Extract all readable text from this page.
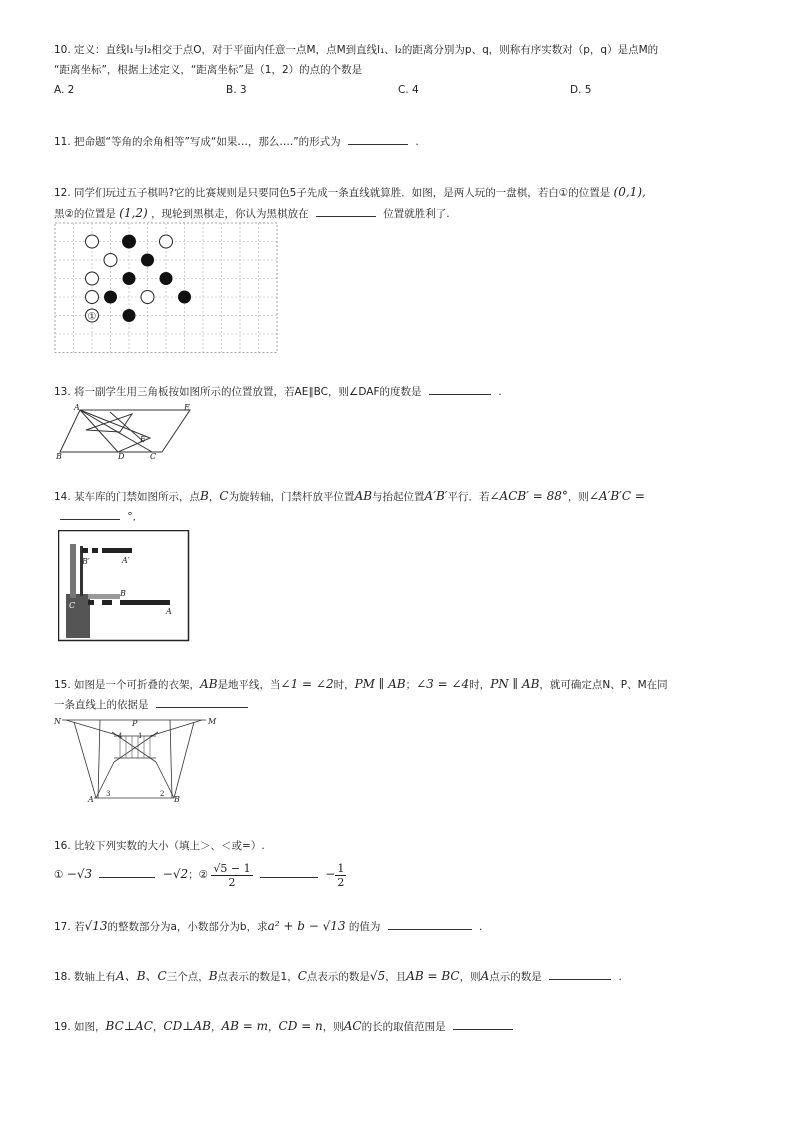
10. 定义：直线l₁与l₂相交于点O，对于平面内任意一点M，点M到直线l₁、l₂的距离分别为p、q，则称有序实数对（p，q）是点M的
“距离坐标”，根据上述定义，“距离坐标”是（1，2）的点的个数是
A. 2	B. 3	C. 4	D. 5
11. 把命题“等角的余角相等”写成“如果…，那么….”的形式为	.
12. 同学们玩过五子棋吗?它的比赛规则是只要同色5子先成一条直线就算胜．如图，是两人玩的一盘棋，若白①的位置是 (0,1),
黑②的位置是 (1,2) ，现轮到黑棋走，你认为黑棋放在	位置就胜利了.
①
13. 将一副学生用三角板按如图所示的位置放置，若AE∥BC，则∠DAF的度数是	.
A	E
B	D	C
F
14. 某车库的门禁如图所示，点B，C为旋转轴，门禁杆放平位置AB与抬起位置A′B′平行．若∠ACB′ = 88°，则∠A′B′C =
°．
B′	A′
B
A
C
15. 如图是一个可折叠的衣架，AB是地平线，当∠1 = ∠2时，PM ∥ AB；∠3 = ∠4时，PN ∥ AB，就可确定点N、P、M在同
一条直线上的依据是
N	P	M
A	B
1
2
3
4
16. 比较下列实数的大小（填上＞、＜或=）.
① −√3	−√2；② $\frac{√5 - 1}{2}$	− $\frac{1}{2}$
17. 若√13的整数部分为a，小数部分为b，求a² + b − √13 的值为	.
18. 数轴上有A、B、C三个点，B点表示的数是1，C点表示的数是√5，且AB = BC，则A点示的数是	.
19. 如图，BC⊥AC，CD⊥AB，AB = m，CD = n，则AC的长的取值范围是
